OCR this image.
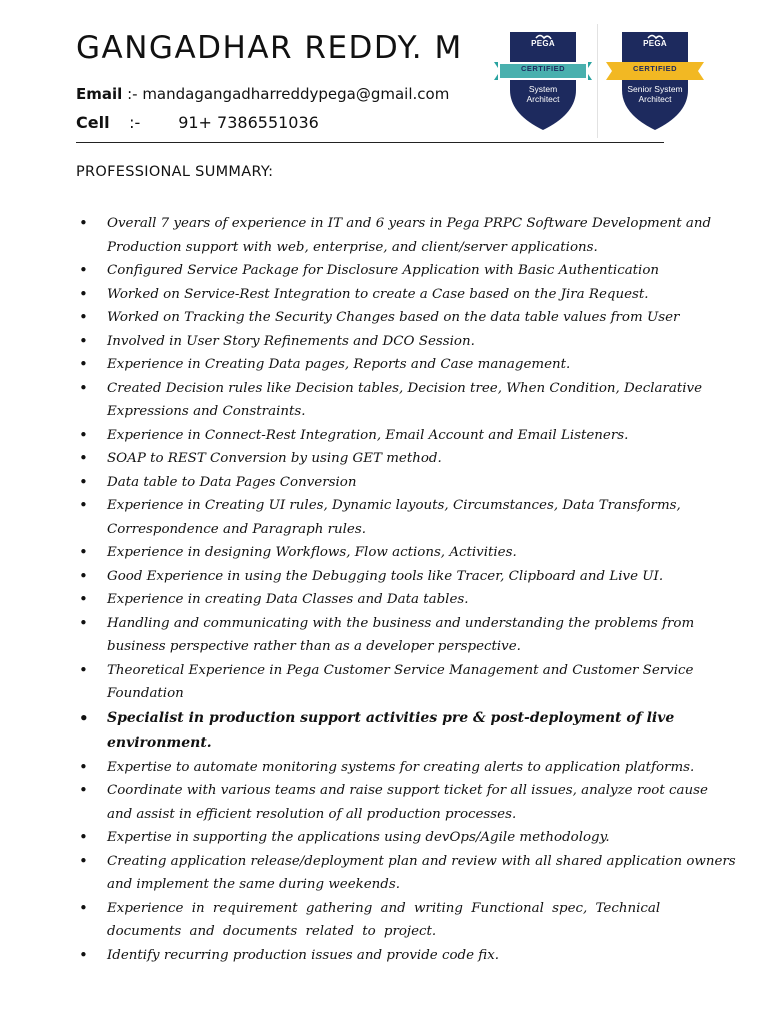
GANGADHAR REDDY. M
Email :- mandagangadharreddypega@gmail.com
Cell :- 91+ 7386551036
PEGA
CERTIFIED
System
Architect
PEGA
CERTIFIED
Senior System
Architect
PROFESSIONAL SUMMARY:
• Overall 7 years of experience in IT and 6 years in Pega PRPC Software Development and Production support with web, enterprise, and client/server applications.
• Configured Service Package for Disclosure Application with Basic Authentication
• Worked on Service-Rest Integration to create a Case based on the Jira Request.
• Worked on Tracking the Security Changes based on the data table values from User
• Involved in User Story Refinements and DCO Session.
• Experience in Creating Data pages, Reports and Case management.
• Created Decision rules like Decision tables, Decision tree, When Condition, Declarative Expressions and Constraints.
• Experience in Connect-Rest Integration, Email Account and Email Listeners.
• SOAP to REST Conversion by using GET method.
• Data table to Data Pages Conversion
• Experience in Creating UI rules, Dynamic layouts, Circumstances, Data Transforms, Correspondence and Paragraph rules.
• Experience in designing Workflows, Flow actions, Activities.
• Good Experience in using the Debugging tools like Tracer, Clipboard and Live UI.
• Experience in creating Data Classes and Data tables.
• Handling and communicating with the business and understanding the problems from business perspective rather than as a developer perspective.
• Theoretical Experience in Pega Customer Service Management and Customer Service Foundation
• Specialist in production support activities pre & post-deployment of live environment.
• Expertise to automate monitoring systems for creating alerts to application platforms.
• Coordinate with various teams and raise support ticket for all issues, analyze root cause and assist in efficient resolution of all production processes.
• Expertise in supporting the applications using devOps/Agile methodology.
• Creating application release/deployment plan and review with all shared application owners and implement the same during weekends.
• Experience in requirement gathering and writing Functional spec, Technical documents and documents related to project.
• Identify recurring production issues and provide code fix.
